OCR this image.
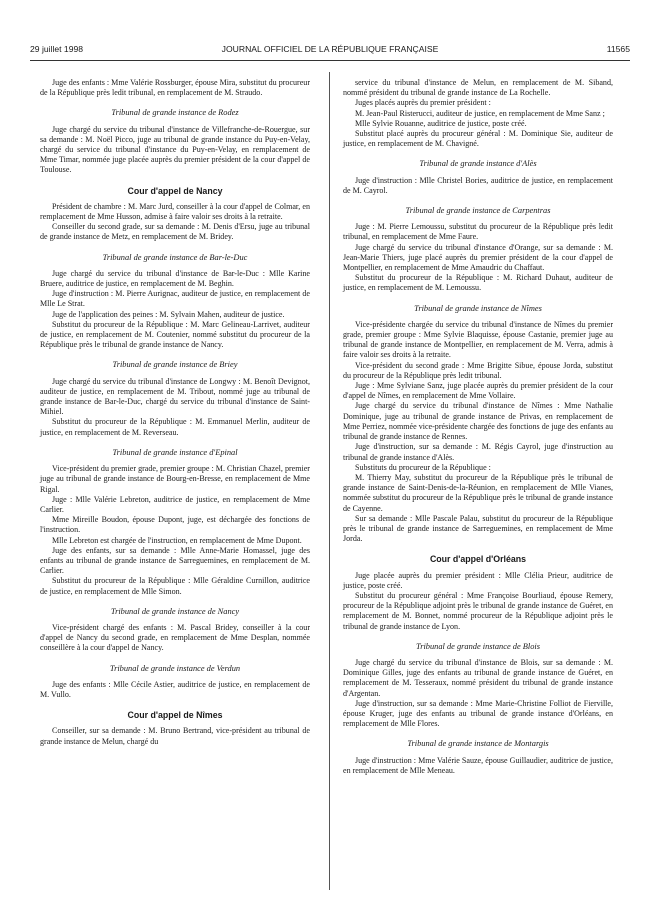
29 juillet 1998	JOURNAL OFFICIEL DE LA RÉPUBLIQUE FRANÇAISE	11565

Juge des enfants : Mme Valérie Rossburger, épouse Mira, substitut du procureur de la République près ledit tribunal, en remplacement de M. Straudo.

Tribunal de grande instance de Rodez

Juge chargé du service du tribunal d'instance de Villefranche-de-Rouergue, sur sa demande : M. Noël Picco, juge au tribunal de grande instance du Puy-en-Velay, chargé du service du tribunal d'instance du Puy-en-Velay, en remplacement de Mme Timar, nommée juge placée auprès du premier président de la cour d'appel de Toulouse.

Cour d'appel de Nancy

Président de chambre : M. Marc Jurd, conseiller à la cour d'appel de Colmar, en remplacement de Mme Husson, admise à faire valoir ses droits à la retraite.

Conseiller du second grade, sur sa demande : M. Denis d'Ersu, juge au tribunal de grande instance de Metz, en remplacement de M. Bridey.

Tribunal de grande instance de Bar-le-Duc

Juge chargé du service du tribunal d'instance de Bar-le-Duc : Mlle Karine Bruere, auditrice de justice, en remplacement de M. Beghin.

Juge d'instruction : M. Pierre Aurignac, auditeur de justice, en remplacement de Mlle Le Strat.

Juge de l'application des peines : M. Sylvain Mahen, auditeur de justice.

Substitut du procureur de la République : M. Marc Gelineau-Larrivet, auditeur de justice, en remplacement de M. Coutenier, nommé substitut du procureur de la République près le tribunal de grande instance de Nancy.

Tribunal de grande instance de Briey

Juge chargé du service du tribunal d'instance de Longwy : M. Benoît Devignot, auditeur de justice, en remplacement de M. Tribout, nommé juge au tribunal de grande instance de Bar-le-Duc, chargé du service du tribunal d'instance de Saint-Mihiel.

Substitut du procureur de la République : M. Emmanuel Merlin, auditeur de justice, en remplacement de M. Reverseau.

Tribunal de grande instance d'Epinal

Vice-président du premier grade, premier groupe : M. Christian Chazel, premier juge au tribunal de grande instance de Bourg-en-Bresse, en remplacement de Mme Rigal.

Juge : Mlle Valérie Lebreton, auditrice de justice, en remplacement de Mme Carlier.

Mme Mireille Boudon, épouse Dupont, juge, est déchargée des fonctions de l'instruction.

Mlle Lebreton est chargée de l'instruction, en remplacement de Mme Dupont.

Juge des enfants, sur sa demande : Mlle Anne-Marie Homassel, juge des enfants au tribunal de grande instance de Sarreguemines, en remplacement de M. Carlier.

Substitut du procureur de la République : Mlle Géraldine Curnillon, auditrice de justice, en remplacement de Mlle Simon.

Tribunal de grande instance de Nancy

Vice-président chargé des enfants : M. Pascal Bridey, conseiller à la cour d'appel de Nancy du second grade, en remplacement de Mme Desplan, nommée conseillère à la cour d'appel de Nancy.

Tribunal de grande instance de Verdun

Juge des enfants : Mlle Cécile Astier, auditrice de justice, en remplacement de M. Vullo.

Cour d'appel de Nîmes

Conseiller, sur sa demande : M. Bruno Bertrand, vice-président au tribunal de grande instance de Melun, chargé du

service du tribunal d'instance de Melun, en remplacement de M. Siband, nommé président du tribunal de grande instance de La Rochelle.

Juges placés auprès du premier président :

M. Jean-Paul Risterucci, auditeur de justice, en remplacement de Mme Sanz ;

Mlle Sylvie Rouanne, auditrice de justice, poste créé.

Substitut placé auprès du procureur général : M. Dominique Sie, auditeur de justice, en remplacement de M. Chavigné.

Tribunal de grande instance d'Alès

Juge d'instruction : Mlle Christel Bories, auditrice de justice, en remplacement de M. Cayrol.

Tribunal de grande instance de Carpentras

Juge : M. Pierre Lemoussu, substitut du procureur de la République près ledit tribunal, en remplacement de Mme Faure.

Juge chargé du service du tribunal d'instance d'Orange, sur sa demande : M. Jean-Marie Thiers, juge placé auprès du premier président de la cour d'appel de Montpellier, en remplacement de Mme Amaudric du Chaffaut.

Substitut du procureur de la République : M. Richard Duhaut, auditeur de justice, en remplacement de M. Lemoussu.

Tribunal de grande instance de Nîmes

Vice-présidente chargée du service du tribunal d'instance de Nîmes du premier grade, premier groupe : Mme Sylvie Blaquisse, épouse Castanie, premier juge au tribunal de grande instance de Montpellier, en remplacement de M. Verra, admis à faire valoir ses droits à la retraite.

Vice-président du second grade : Mme Brigitte Sibue, épouse Jorda, substitut du procureur de la République près ledit tribunal.

Juge : Mme Sylviane Sanz, juge placée auprès du premier président de la cour d'appel de Nîmes, en remplacement de Mme Vollaire.

Juge chargé du service du tribunal d'instance de Nîmes : Mme Nathalie Dominique, juge au tribunal de grande instance de Privas, en remplacement de Mme Perriez, nommée vice-présidente chargée des fonctions de juge des enfants au tribunal de grande instance de Rennes.

Juge d'instruction, sur sa demande : M. Régis Cayrol, juge d'instruction au tribunal de grande instance d'Alès.

Substituts du procureur de la République :

M. Thierry May, substitut du procureur de la République près le tribunal de grande instance de Saint-Denis-de-la-Réunion, en remplacement de Mlle Vianes, nommée substitut du procureur de la République près le tribunal de grande instance de Cayenne.

Sur sa demande : Mlle Pascale Palau, substitut du procureur de la République près le tribunal de grande instance de Sarreguemines, en remplacement de Mme Jorda.

Cour d'appel d'Orléans

Juge placée auprès du premier président : Mlle Clélia Prieur, auditrice de justice, poste créé.

Substitut du procureur général : Mme Françoise Bourliaud, épouse Remery, procureur de la République adjoint près le tribunal de grande instance de Guéret, en remplacement de M. Bonnet, nommé procureur de la République adjoint près le tribunal de grande instance de Lyon.

Tribunal de grande instance de Blois

Juge chargé du service du tribunal d'instance de Blois, sur sa demande : M. Dominique Gilles, juge des enfants au tribunal de grande instance de Guéret, en remplacement de M. Tesseraux, nommé président du tribunal de grande instance d'Argentan.

Juge d'instruction, sur sa demande : Mme Marie-Christine Folliot de Fierville, épouse Kruger, juge des enfants au tribunal de grande instance d'Orléans, en remplacement de Mlle Flores.

Tribunal de grande instance de Montargis

Juge d'instruction : Mme Valérie Sauze, épouse Guillaudier, auditrice de justice, en remplacement de Mlle Meneau.
